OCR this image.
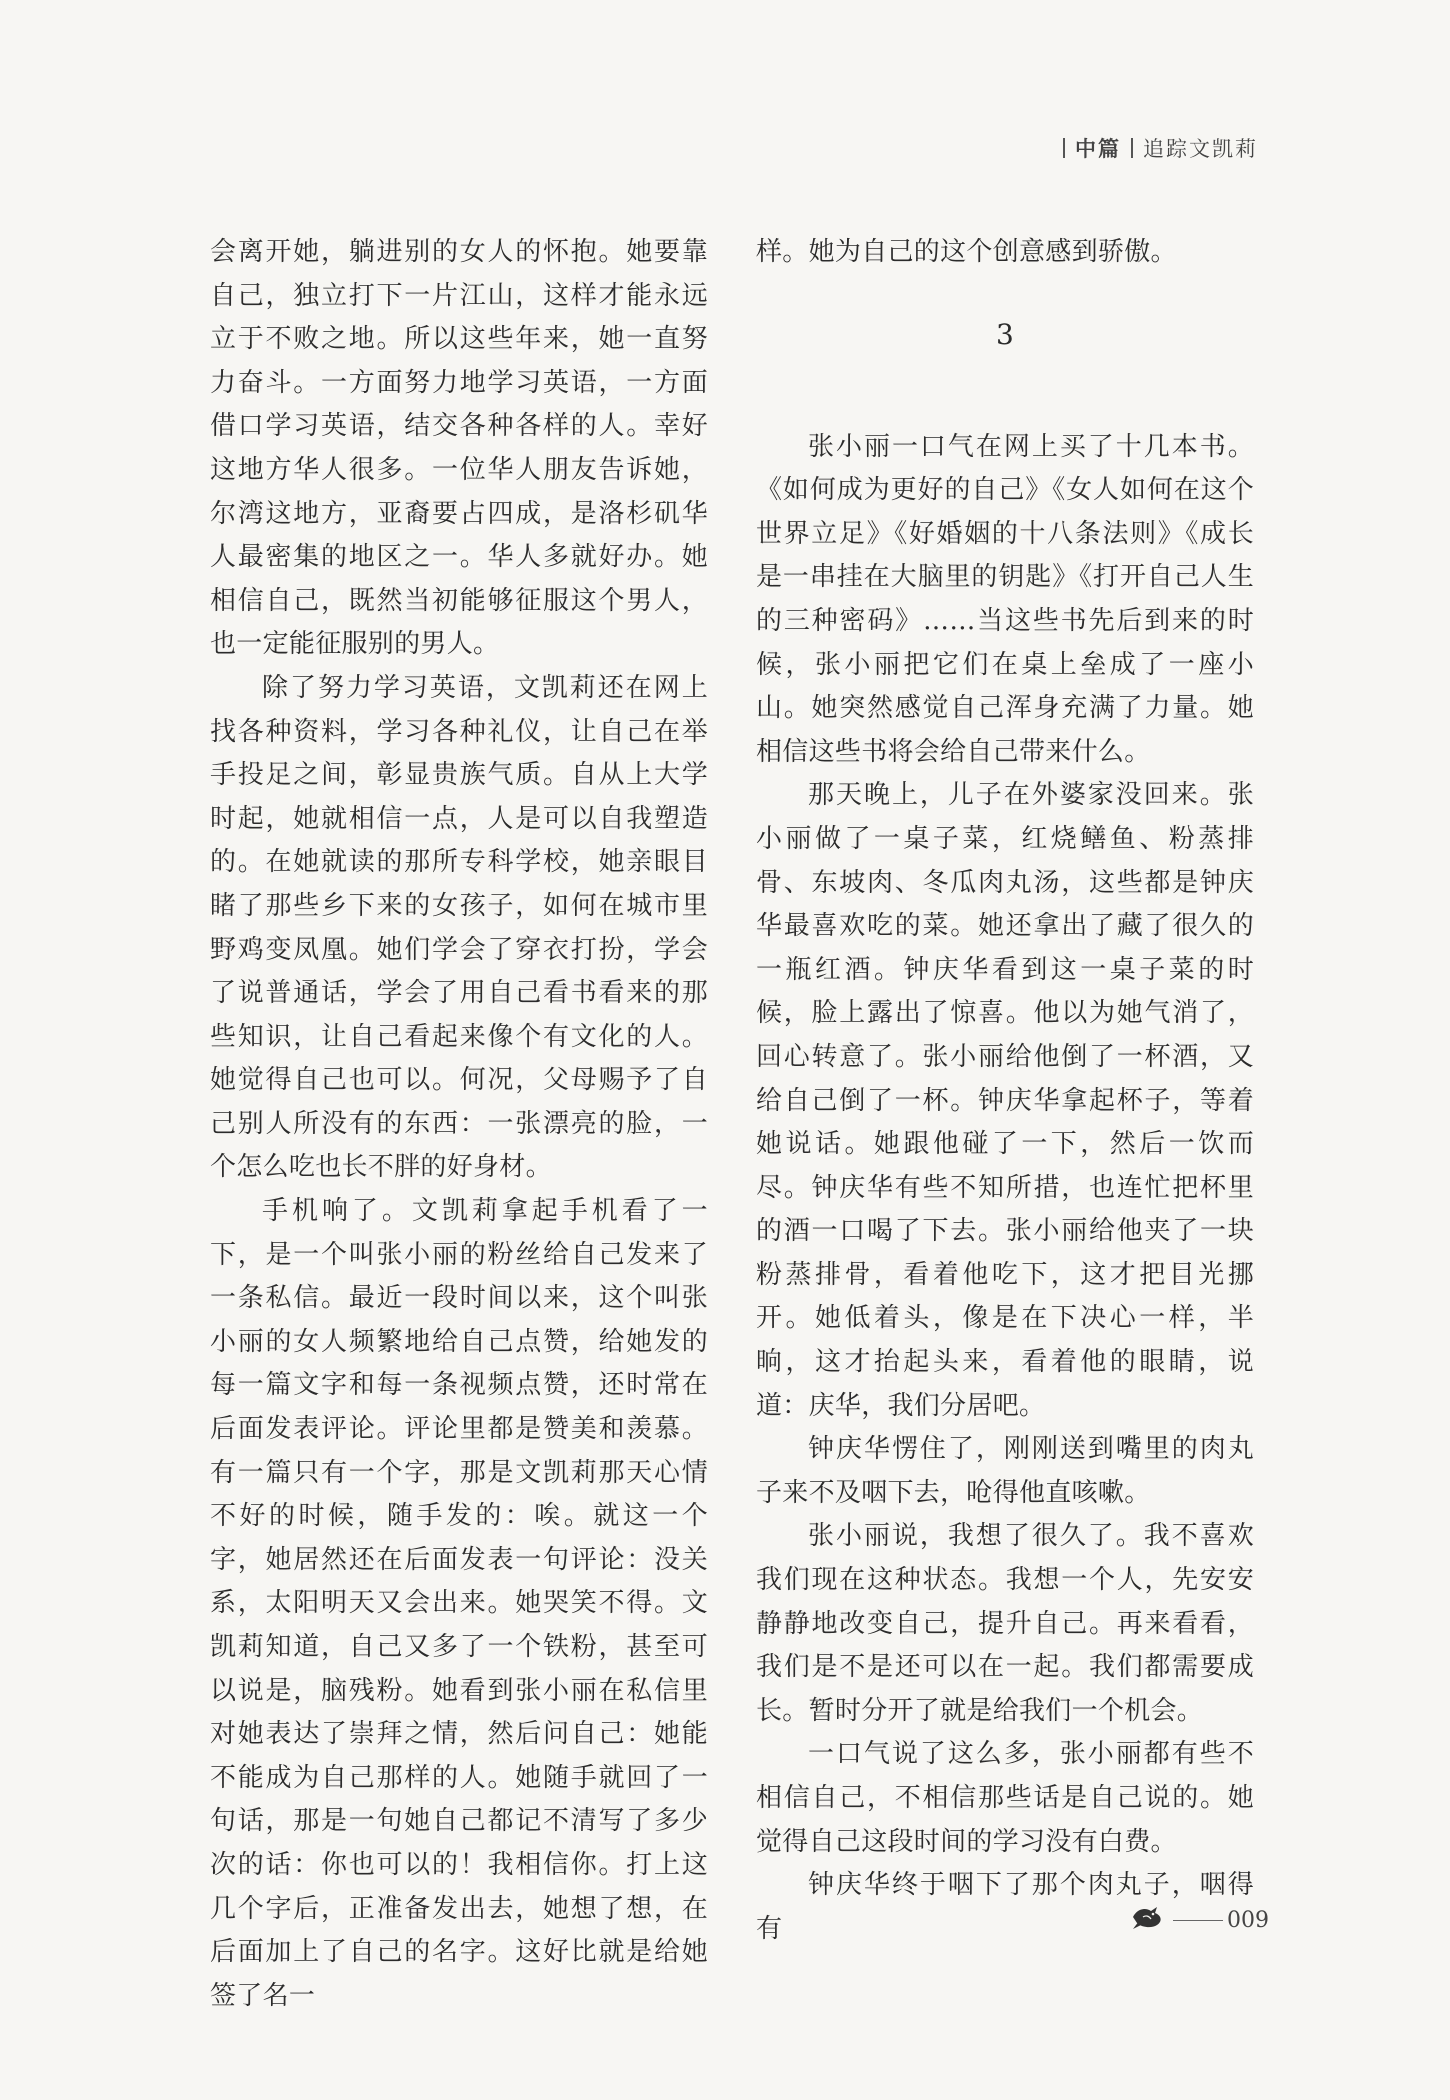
中篇 追踪文凯莉

会离开她，躺进别的女人的怀抱。她要靠自己，独立打下一片江山，这样才能永远立于不败之地。所以这些年来，她一直努力奋斗。一方面努力地学习英语，一方面借口学习英语，结交各种各样的人。幸好这地方华人很多。一位华人朋友告诉她，尔湾这地方，亚裔要占四成，是洛杉矶华人最密集的地区之一。华人多就好办。她相信自己，既然当初能够征服这个男人，也一定能征服别的男人。

除了努力学习英语，文凯莉还在网上找各种资料，学习各种礼仪，让自己在举手投足之间，彰显贵族气质。自从上大学时起，她就相信一点，人是可以自我塑造的。在她就读的那所专科学校，她亲眼目睹了那些乡下来的女孩子，如何在城市里野鸡变凤凰。她们学会了穿衣打扮，学会了说普通话，学会了用自己看书看来的那些知识，让自己看起来像个有文化的人。她觉得自己也可以。何况，父母赐予了自己别人所没有的东西：一张漂亮的脸，一个怎么吃也长不胖的好身材。

手机响了。文凯莉拿起手机看了一下，是一个叫张小丽的粉丝给自己发来了一条私信。最近一段时间以来，这个叫张小丽的女人频繁地给自己点赞，给她发的每一篇文字和每一条视频点赞，还时常在后面发表评论。评论里都是赞美和羡慕。有一篇只有一个字，那是文凯莉那天心情不好的时候，随手发的：唉。就这一个字，她居然还在后面发表一句评论：没关系，太阳明天又会出来。她哭笑不得。文凯莉知道，自己又多了一个铁粉，甚至可以说是，脑残粉。她看到张小丽在私信里对她表达了崇拜之情，然后问自己：她能不能成为自己那样的人。她随手就回了一句话，那是一句她自己都记不清写了多少次的话：你也可以的！我相信你。打上这几个字后，正准备发出去，她想了想，在后面加上了自己的名字。这好比就是给她签了名一

样。她为自己的这个创意感到骄傲。

3

张小丽一口气在网上买了十几本书。《如何成为更好的自己》《女人如何在这个世界立足》《好婚姻的十八条法则》《成长是一串挂在大脑里的钥匙》《打开自己人生的三种密码》……当这些书先后到来的时候，张小丽把它们在桌上垒成了一座小山。她突然感觉自己浑身充满了力量。她相信这些书将会给自己带来什么。

那天晚上，儿子在外婆家没回来。张小丽做了一桌子菜，红烧鳝鱼、粉蒸排骨、东坡肉、冬瓜肉丸汤，这些都是钟庆华最喜欢吃的菜。她还拿出了藏了很久的一瓶红酒。钟庆华看到这一桌子菜的时候，脸上露出了惊喜。他以为她气消了，回心转意了。张小丽给他倒了一杯酒，又给自己倒了一杯。钟庆华拿起杯子，等着她说话。她跟他碰了一下，然后一饮而尽。钟庆华有些不知所措，也连忙把杯里的酒一口喝了下去。张小丽给他夹了一块粉蒸排骨，看着他吃下，这才把目光挪开。她低着头，像是在下决心一样，半晌，这才抬起头来，看着他的眼睛，说道：庆华，我们分居吧。

钟庆华愣住了，刚刚送到嘴里的肉丸子来不及咽下去，呛得他直咳嗽。

张小丽说，我想了很久了。我不喜欢我们现在这种状态。我想一个人，先安安静静地改变自己，提升自己。再来看看，我们是不是还可以在一起。我们都需要成长。暂时分开了就是给我们一个机会。

一口气说了这么多，张小丽都有些不相信自己，不相信那些话是自己说的。她觉得自己这段时间的学习没有白费。

钟庆华终于咽下了那个肉丸子，咽得有	009
